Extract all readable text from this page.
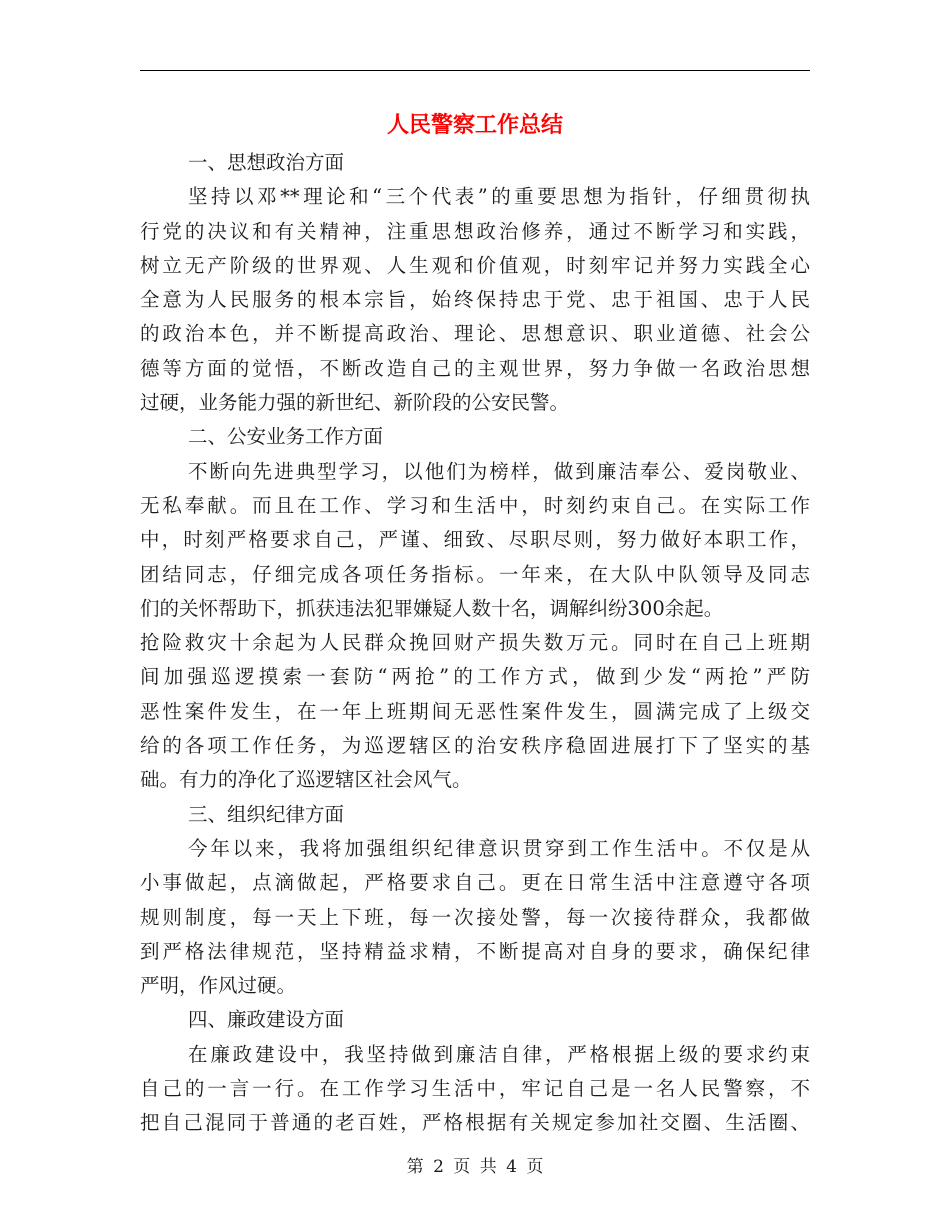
人民警察工作总结
一、思想政治方面
坚持以邓**理论和“三个代表”的重要思想为指针，仔细贯彻执
行党的决议和有关精神，注重思想政治修养，通过不断学习和实践，
树立无产阶级的世界观、人生观和价值观，时刻牢记并努力实践全心
全意为人民服务的根本宗旨，始终保持忠于党、忠于祖国、忠于人民
的政治本色，并不断提高政治、理论、思想意识、职业道德、社会公
德等方面的觉悟，不断改造自己的主观世界，努力争做一名政治思想
过硬，业务能力强的新世纪、新阶段的公安民警。
二、公安业务工作方面
不断向先进典型学习，以他们为榜样，做到廉洁奉公、爱岗敬业、
无私奉献。而且在工作、学习和生活中，时刻约束自己。在实际工作
中，时刻严格要求自己，严谨、细致、尽职尽则，努力做好本职工作，
团结同志，仔细完成各项任务指标。一年来，在大队中队领导及同志
们的关怀帮助下，抓获违法犯罪嫌疑人数十名，调解纠纷300余起。
抢险救灾十余起为人民群众挽回财产损失数万元。同时在自己上班期
间加强巡逻摸索一套防“两抢”的工作方式，做到少发“两抢”严防
恶性案件发生，在一年上班期间无恶性案件发生，圆满完成了上级交
给的各项工作任务，为巡逻辖区的治安秩序稳固进展打下了坚实的基
础。有力的净化了巡逻辖区社会风气。
三、组织纪律方面
今年以来，我将加强组织纪律意识贯穿到工作生活中。不仅是从
小事做起，点滴做起，严格要求自己。更在日常生活中注意遵守各项
规则制度，每一天上下班，每一次接处警，每一次接待群众，我都做
到严格法律规范，坚持精益求精，不断提高对自身的要求，确保纪律
严明，作风过硬。
四、廉政建设方面
在廉政建设中，我坚持做到廉洁自律，严格根据上级的要求约束
自己的一言一行。在工作学习生活中，牢记自己是一名人民警察，不
把自己混同于普通的老百姓，严格根据有关规定参加社交圈、生活圈、
第 2 页 共 4 页
